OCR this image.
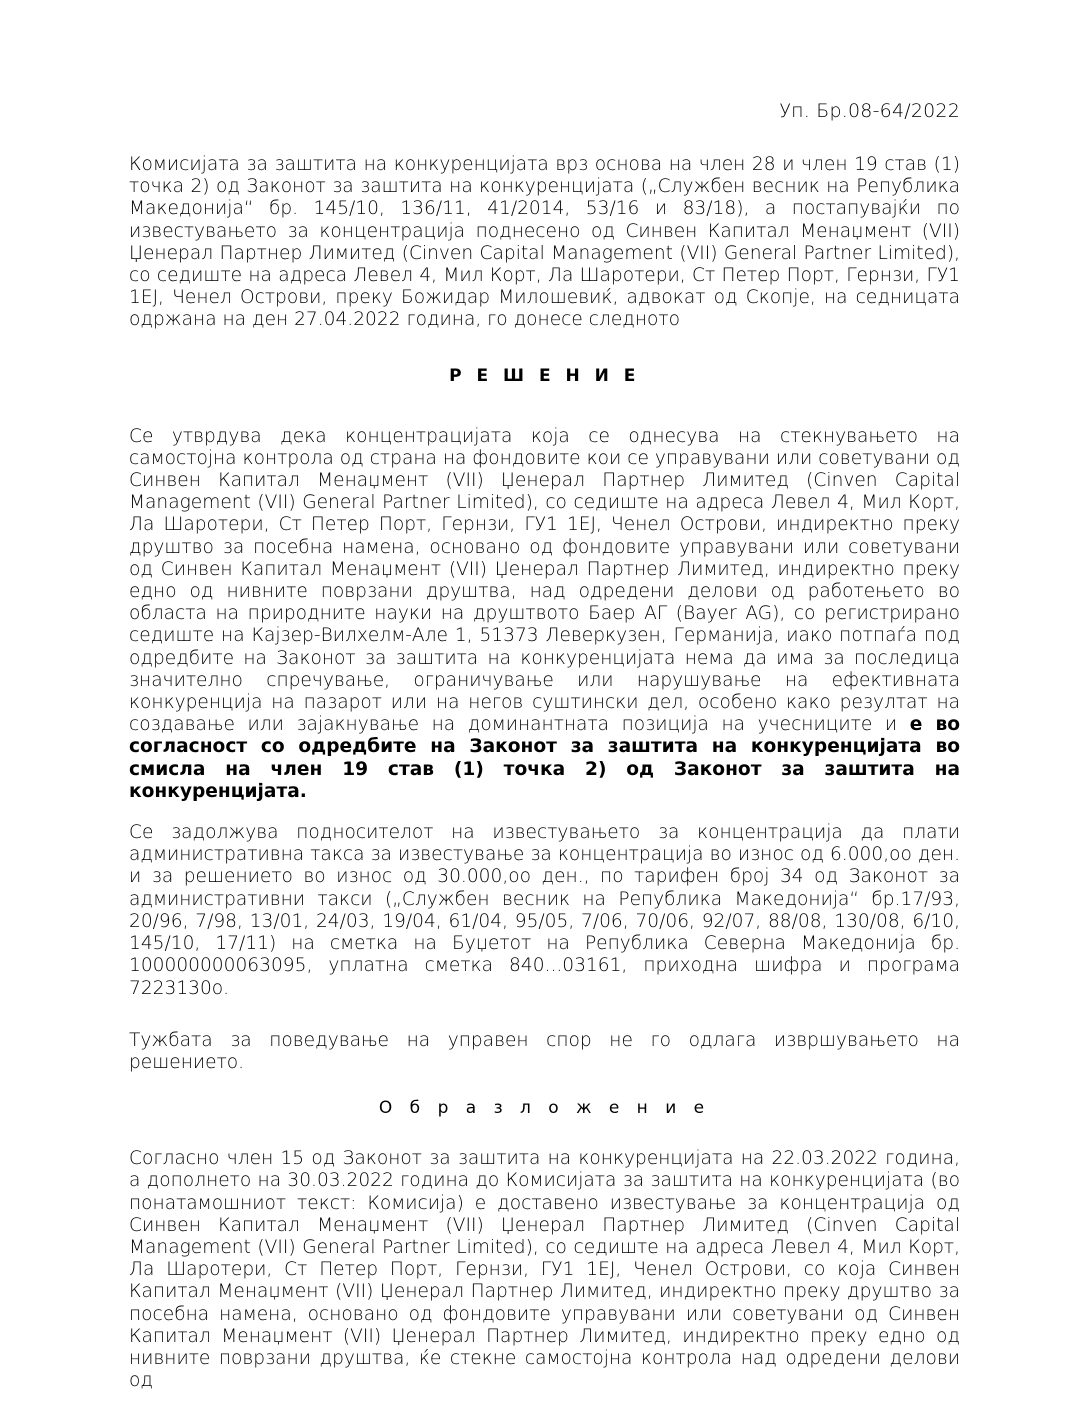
Уп. Бр.08-64/2022

Комисијата за заштита на конкуренцијата врз основа на член 28 и член 19 став (1) точка 2) од Законот за заштита на конкуренцијата („Службен весник на Република Македонија“ бр. 145/10, 136/11, 41/2014, 53/16 и 83/18), а постапувајќи по известувањето за концентрација поднесено од Синвен Капитал Менаџмент (VII) Џенерал Партнер Лимитед (Cinven Capital Management (VII) General Partner Limited), со седиште на адреса Левел 4, Мил Корт, Ла Шаротери, Ст Петер Порт, Гернзи, ГУ1 1ЕЈ, Ченел Острови, преку Божидар Милошевиќ, адвокат од Скопје, на седницата одржана на ден 27.04.2022 година, го донесе следното

Р Е Ш Е Н И Е

Се утврдува дека концентрацијата која се однесува на стекнувањето на самостојна контрола од страна на фондовите кои се управувани или советувани од Синвен Капитал Менаџмент (VII) Џенерал Партнер Лимитед (Cinven Capital Management (VII) General Partner Limited), со седиште на адреса Левел 4, Мил Корт, Ла Шаротери, Ст Петер Порт, Гернзи, ГУ1 1ЕЈ, Ченел Острови, индиректно преку друштво за посебна намена, основано од фондовите управувани или советувани од Синвен Капитал Менаџмент (VII) Џенерал Партнер Лимитед, индиректно преку едно од нивните поврзани друштва, над одредени делови од работењето во областа на природните науки на друштвото Баер АГ (Bayer AG), со регистрирано седиште на Кајзер-Вилхелм-Але 1, 51373 Леверкузен, Германија, иако потпаѓа под одредбите на Законот за заштита на конкуренцијата нема да има за последица значително спречување, ограничување или нарушување на ефективната конкуренција на пазарот или на негов суштински дел, особено како резултат на создавање или зајакнување на доминантната позиција на учесниците и е во согласност со одредбите на Законот за заштита на конкуренцијата во смисла на член 19 став (1) точка 2) од Законот за заштита на конкуренцијата.

Се задолжува подносителот на известувањето за концентрација да плати административна такса за известување за концентрација во износ од 6.000,оо ден. и за решението во износ од 30.000,оо ден., по тарифен број 34 од Законот за административни такси („Службен весник на Република Македонија“ бр.17/93, 20/96, 7/98, 13/01, 24/03, 19/04, 61/04, 95/05, 7/06, 70/06, 92/07, 88/08, 130/08, 6/10, 145/10, 17/11) на сметка на Буџетот на Република Северна Македонија бр. 100000000063095, уплатна сметка 840...03161, приходна шифра и програма 7223130о.

Тужбата за поведување на управен спор не го одлага извршувањето на решението.

О б р а з л о ж е н и е

Согласно член 15 од Законот за заштита на конкуренцијата на 22.03.2022 година, а дополнето на 30.03.2022 година до Комисијата за заштита на конкуренцијата (во понатамошниот текст: Комисија) е доставено известување за концентрација од Синвен Капитал Менаџмент (VII) Џенерал Партнер Лимитед (Cinven Capital Management (VII) General Partner Limited), со седиште на адреса Левел 4, Мил Корт, Ла Шаротери, Ст Петер Порт, Гернзи, ГУ1 1ЕЈ, Ченел Острови, со која Синвен Капитал Менаџмент (VII) Џенерал Партнер Лимитед, индиректно преку друштво за посебна намена, основано од фондовите управувани или советувани од Синвен Капитал Менаџмент (VII) Џенерал Партнер Лимитед, индиректно преку едно од нивните поврзани друштва, ќе стекне самостојна контрола над одредени делови од
